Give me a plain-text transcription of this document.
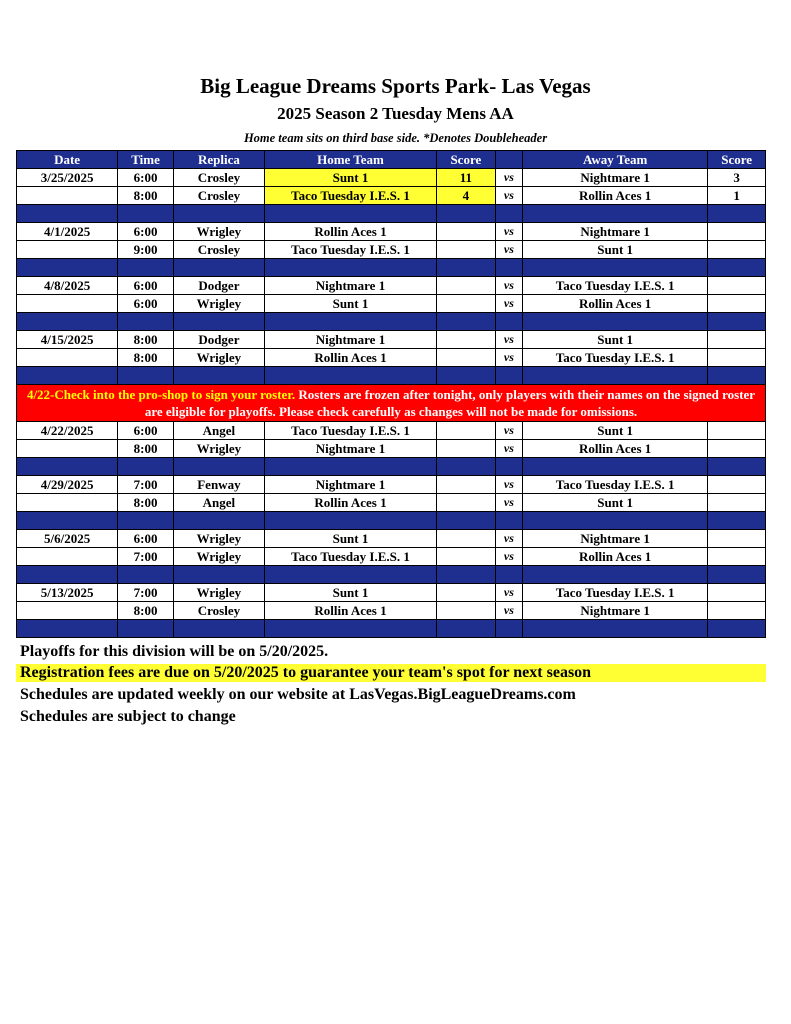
Big League Dreams Sports Park- Las Vegas
2025 Season 2 Tuesday Mens AA
Home team sits on third base side. *Denotes Doubleheader
Date	Time	Replica	Home Team	Score		Away Team	Score
3/25/2025	6:00	Crosley	Sunt 1	11	vs	Nightmare 1	3
	8:00	Crosley	Taco Tuesday I.E.S. 1	4	vs	Rollin Aces 1	1

4/1/2025	6:00	Wrigley	Rollin Aces 1		vs	Nightmare 1	
	9:00	Crosley	Taco Tuesday I.E.S. 1		vs	Sunt 1	

4/8/2025	6:00	Dodger	Nightmare 1		vs	Taco Tuesday I.E.S. 1	
	6:00	Wrigley	Sunt 1		vs	Rollin Aces 1	

4/15/2025	8:00	Dodger	Nightmare 1		vs	Sunt 1	
	8:00	Wrigley	Rollin Aces 1		vs	Taco Tuesday I.E.S. 1	

4/22-Check into the pro-shop to sign your roster. Rosters are frozen after tonight, only players with their names on the signed roster are eligible for playoffs. Please check carefully as changes will not be made for omissions.							
4/22/2025	6:00	Angel	Taco Tuesday I.E.S. 1		vs	Sunt 1	
	8:00	Wrigley	Nightmare 1		vs	Rollin Aces 1	

4/29/2025	7:00	Fenway	Nightmare 1		vs	Taco Tuesday I.E.S. 1	
	8:00	Angel	Rollin Aces 1		vs	Sunt 1	

5/6/2025	6:00	Wrigley	Sunt 1		vs	Nightmare 1	
	7:00	Wrigley	Taco Tuesday I.E.S. 1		vs	Rollin Aces 1	

5/13/2025	7:00	Wrigley	Sunt 1		vs	Taco Tuesday I.E.S. 1	
	8:00	Crosley	Rollin Aces 1		vs	Nightmare 1	

Playoffs for this division will be on 5/20/2025.
Registration fees are due on 5/20/2025 to guarantee your team's spot for next season
Schedules are updated weekly on our website at LasVegas.BigLeagueDreams.com
Schedules are subject to change
